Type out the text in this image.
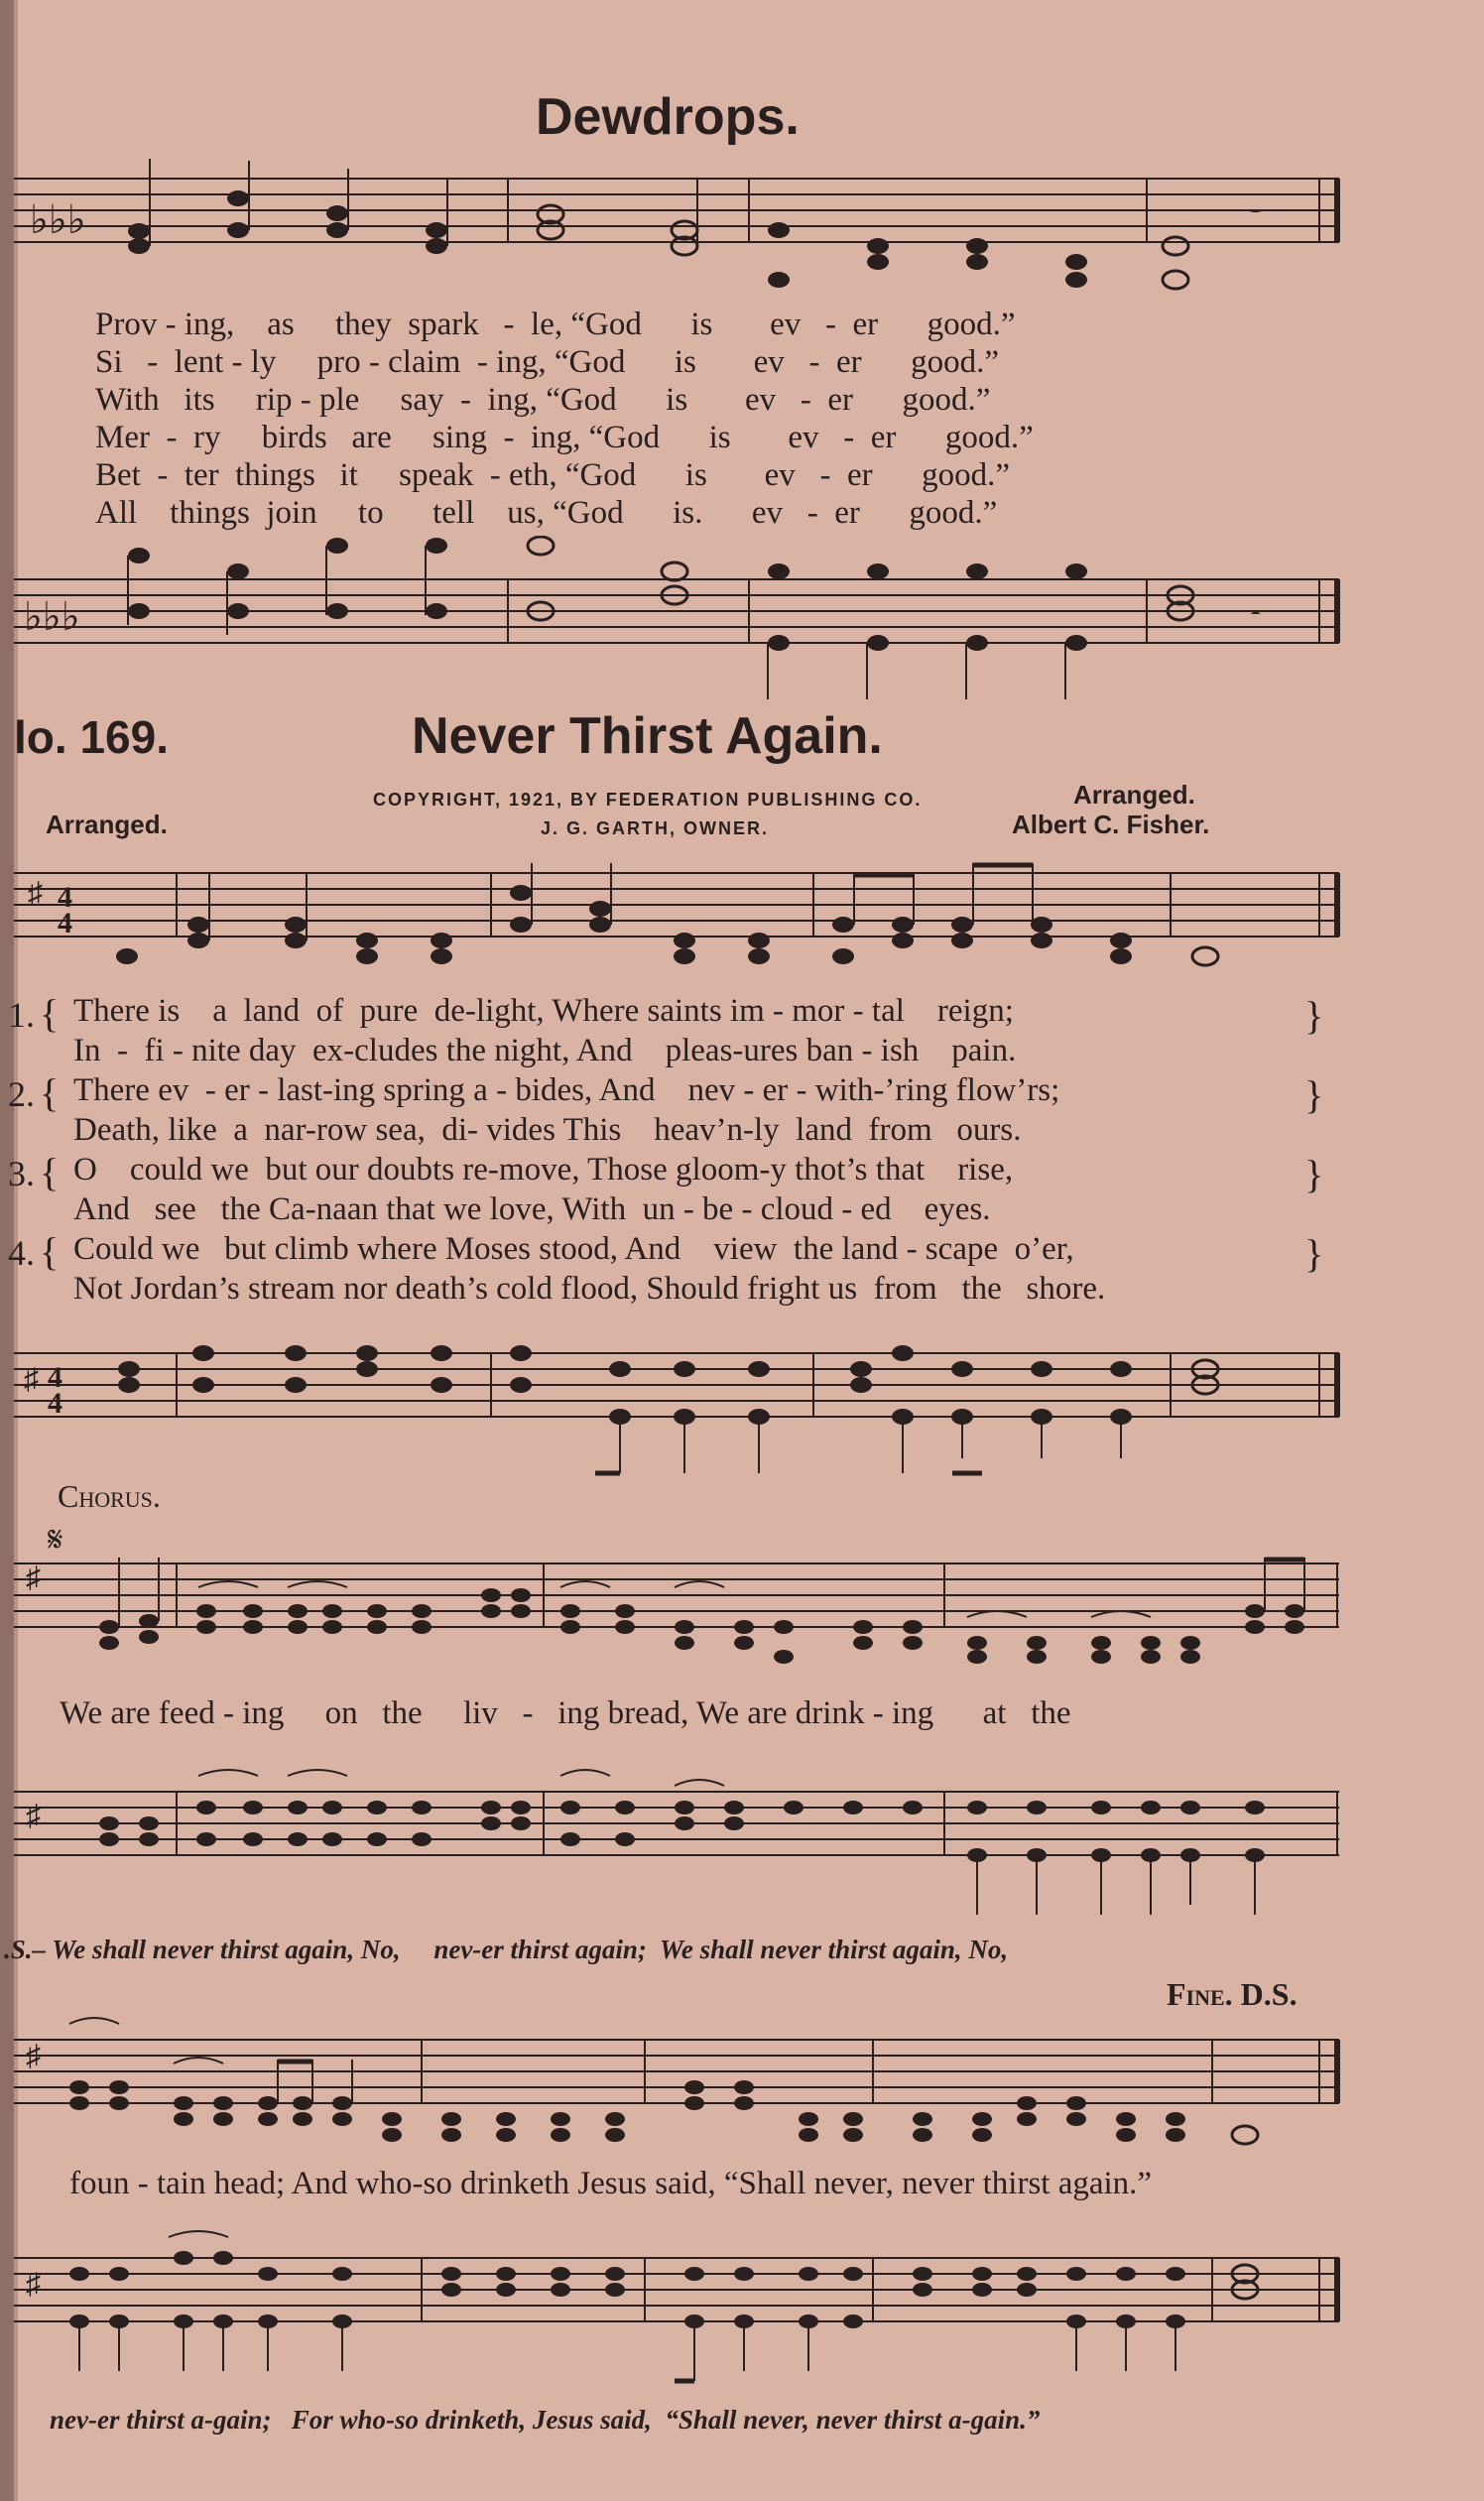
Dewdrops.
♭♭♭	𝄼
Prov - ing,    as     they  spark   -  le, “God      is       ev   -  er      good.”
Si   -  lent - ly     pro - claim  - ing, “God      is       ev   -  er      good.”
With   its     rip - ple     say  -  ing, “God      is       ev   -  er      good.”
Mer  -  ry     birds   are     sing  -  ing, “God      is       ev   -  er      good.”
Bet  -  ter  things   it     speak  - eth, “God      is       ev   -  er      good.”
All    things  join     to      tell    us, “God      is.      ev   -  er      good.”
♭♭♭	𝄼
lo. 169.	Never Thirst Again.
COPYRIGHT, 1921, BY FEDERATION PUBLISHING CO.
J. G. GARTH, OWNER.
Arranged.
Arranged.
Albert C. Fisher.
♯ 4
4
1. { There is    a  land  of  pure  de-light, Where saints im - mor - tal    reign;
In  -  fi - nite day  ex-cludes the night, And    pleas-ures ban - ish    pain.
}
2. { There ev  - er - last-ing spring a - bides, And    nev - er - with-’ring flow’rs;
Death, like  a  nar-row sea,  di- vides This    heav’n-ly  land  from   ours.
}
3. { O    could we  but our doubts re-move, Those gloom-y thot’s that    rise,
And   see   the Ca-naan that we love, With  un - be - cloud - ed    eyes.
}
4. { Could we   but climb where Moses stood, And    view  the land - scape  o’er,
Not Jordan’s stream nor death’s cold flood, Should fright us  from   the   shore.
}
♯ 4
4
Chorus.
𝄋
♯
We are feed - ing     on   the     liv   -   ing bread, We are drink - ing      at   the
♯
.S.– We shall never thirst again, No,     nev-er thirst again;  We shall never thirst again, No,
Fine. D.S.
♯
foun - tain head; And who-so drinketh Jesus said, “Shall never, never thirst again.”
♯
nev-er thirst a-gain;   For who-so drinketh, Jesus said,  “Shall never, never thirst a-gain.”
